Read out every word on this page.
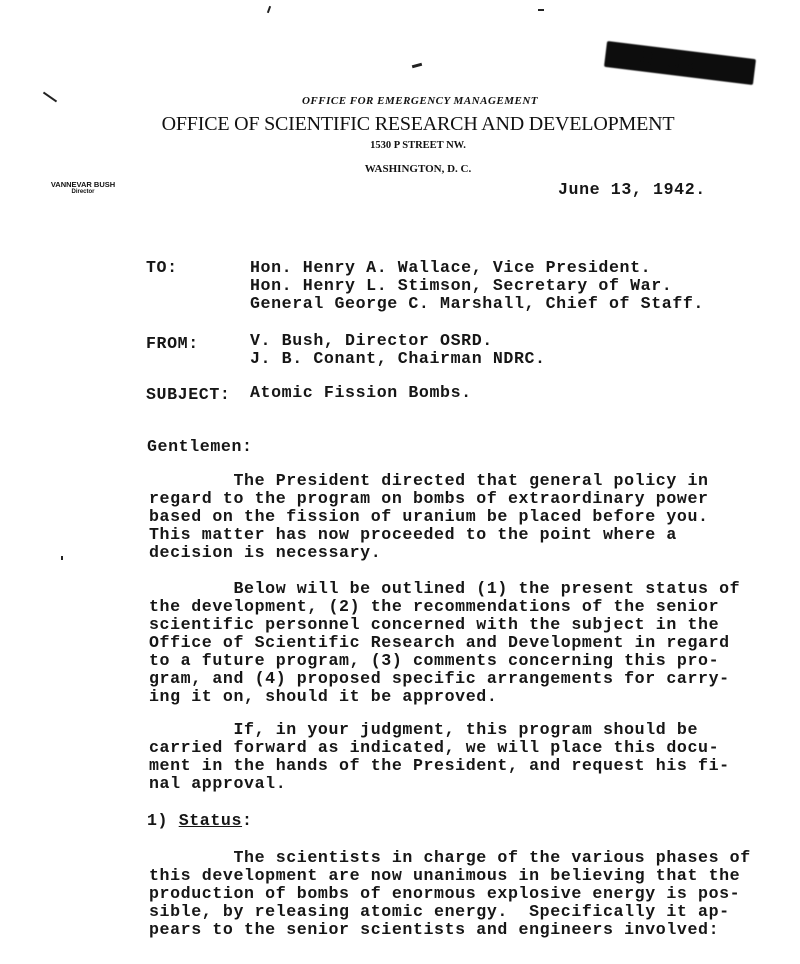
SECRET
OFFICE FOR EMERGENCY MANAGEMENT
OFFICE OF SCIENTIFIC RESEARCH AND DEVELOPMENT
1530 P STREET NW.
WASHINGTON, D. C.
VANNEVAR BUSH
Director	June 13, 1942.
TO:	Hon. Henry A. Wallace, Vice President.
Hon. Henry L. Stimson, Secretary of War.
General George C. Marshall, Chief of Staff.
FROM:	V. Bush, Director OSRD.
J. B. Conant, Chairman NDRC.
SUBJECT: Atomic Fission Bombs.
Gentlemen:
The President directed that general policy in
regard to the program on bombs of extraordinary power
based on the fission of uranium be placed before you.
This matter has now proceeded to the point where a
decision is necessary.
Below will be outlined (1) the present status of
the development, (2) the recommendations of the senior
scientific personnel concerned with the subject in the
Office of Scientific Research and Development in regard
to a future program, (3) comments concerning this pro-
gram, and (4) proposed specific arrangements for carry-
ing it on, should it be approved.
If, in your judgment, this program should be
carried forward as indicated, we will place this docu-
ment in the hands of the President, and request his fi-
nal approval.
1) Status:
The scientists in charge of the various phases of
this development are now unanimous in believing that the
production of bombs of enormous explosive energy is pos-
sible, by releasing atomic energy.  Specifically it ap-
pears to the senior scientists and engineers involved:
